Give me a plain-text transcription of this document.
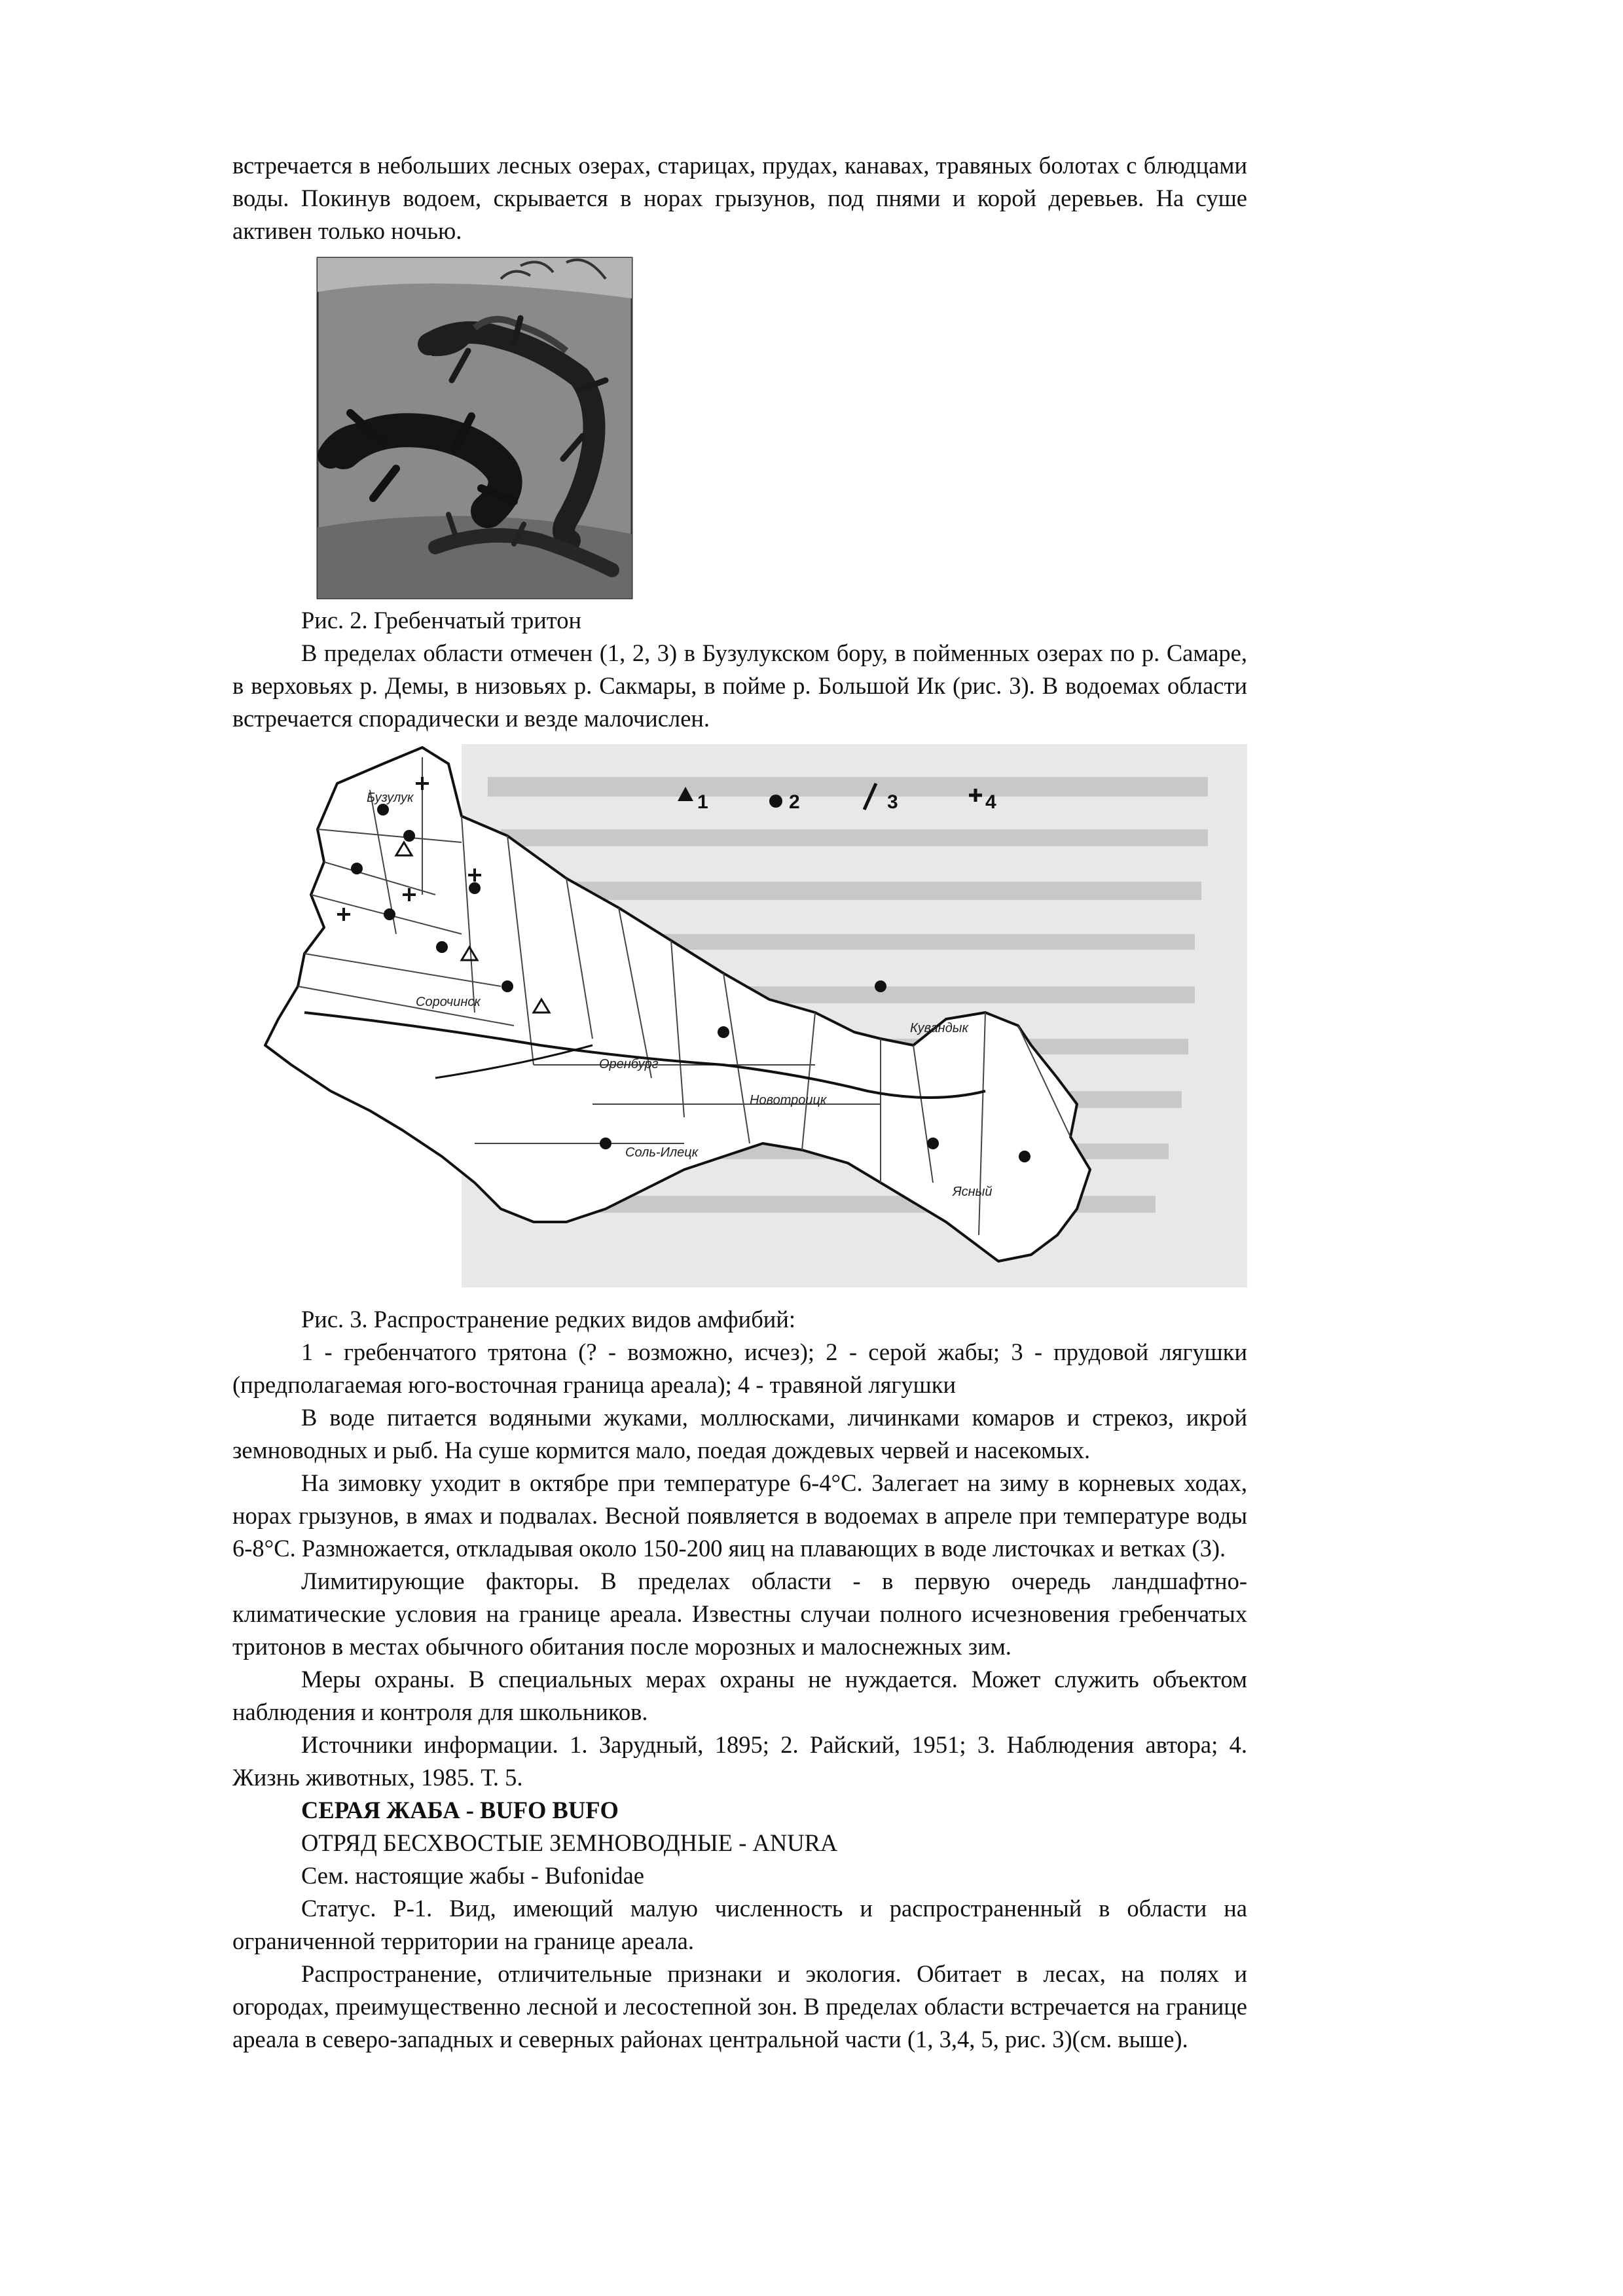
встречается в небольших лесных озерах, старицах, прудах, канавах, травяных болотах с блюдцами воды. Покинув водоем, скрывается в норах грызунов, под пнями и корой деревьев. На суше активен только ночью.

Рис. 2. Гребенчатый тритон

В пределах области отмечен (1, 2, 3) в Бузулукском бору, в пойменных озерах по р. Самаре, в верховьях р. Демы, в низовьях р. Сакмары, в пойме р. Большой Ик (рис. 3). В водоемах области встречается спорадически и везде малочислен.

1	2	3	4
Бузулук
Сорочинск
Оренбург
Кувандык
Новотроицк
Соль-Илецк
Ясный

Рис. 3. Распространение редких видов амфибий:

1 - гребенчатого трятона (? - возможно, исчез); 2 - серой жабы; 3 - прудовой лягушки (предполагаемая юго-восточная граница ареала); 4 - травяной лягушки

В воде питается водяными жуками, моллюсками, личинками комаров и стрекоз, икрой земноводных и рыб. На суше кормится мало, поедая дождевых червей и насекомых.

На зимовку уходит в октябре при температуре 6-4°С. Залегает на зиму в корневых ходах, норах грызунов, в ямах и подвалах. Весной появляется в водоемах в апреле при температуре воды 6-8°С. Размножается, откладывая около 150-200 яиц на плавающих в воде листочках и ветках (3).

Лимитирующие факторы. В пределах области - в первую очередь ландшафтно-климатические условия на границе ареала. Известны случаи полного исчезновения гребенчатых тритонов в местах обычного обитания после морозных и малоснежных зим.

Меры охраны. В специальных мерах охраны не нуждается. Может служить объектом наблюдения и контроля для школьников.

Источники информации. 1. Зарудный, 1895; 2. Райский, 1951; 3. Наблюдения автора; 4. Жизнь животных, 1985. Т. 5.

СЕРАЯ ЖАБА - BUFO BUFO

ОТРЯД БЕСХВОСТЫЕ ЗЕМНОВОДНЫЕ - ANURA

Сем. настоящие жабы - Bufonidae

Статус. Р-1. Вид, имеющий малую численность и распространенный в области на ограниченной территории на границе ареала.

Распространение, отличительные признаки и экология. Обитает в лесах, на полях и огородах, преимущественно лесной и лесостепной зон. В пределах области встречается на границе ареала в северо-западных и северных районах центральной части (1, 3,4, 5, рис. 3)(см. выше).
